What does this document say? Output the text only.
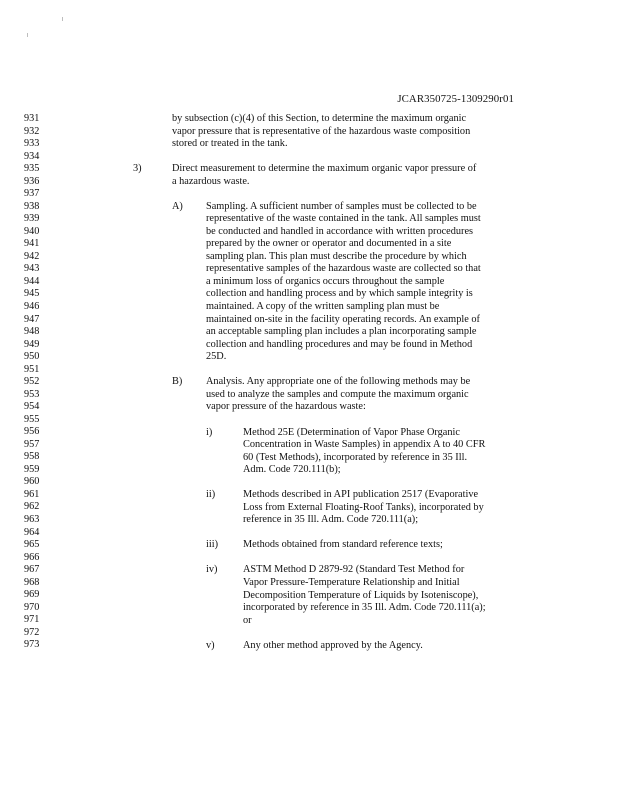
JCAR350725-1309290r01
931
932
933
934
935
936
937
938
939
940
941
942
943
944
945
946
947
948
949
950
951
952
953
954
955
956
957
958
959
960
961
962
963
964
965
966
967
968
969
970
971
972
973
by subsection (c)(4) of this Section, to determine the maximum organic
vapor pressure that is representative of the hazardous waste composition
stored or treated in the tank.
3)	Direct measurement to determine the maximum organic vapor pressure of
a hazardous waste.
A) Sampling. A sufficient number of samples must be collected to be
representative of the waste contained in the tank. All samples must
be conducted and handled in accordance with written procedures
prepared by the owner or operator and documented in a site
sampling plan. This plan must describe the procedure by which
representative samples of the hazardous waste are collected so that
a minimum loss of organics occurs throughout the sample
collection and handling process and by which sample integrity is
maintained. A copy of the written sampling plan must be
maintained on-site in the facility operating records. An example of
an acceptable sampling plan includes a plan incorporating sample
collection and handling procedures and may be found in Method
25D.
B) Analysis. Any appropriate one of the following methods may be
used to analyze the samples and compute the maximum organic
vapor pressure of the hazardous waste:
i)	Method 25E (Determination of Vapor Phase Organic
Concentration in Waste Samples) in appendix A to 40 CFR
60 (Test Methods), incorporated by reference in 35 Ill.
Adm. Code 720.111(b);
ii)	Methods described in API publication 2517 (Evaporative
Loss from External Floating-Roof Tanks), incorporated by
reference in 35 Ill. Adm. Code 720.111(a);
iii) Methods obtained from standard reference texts;
iv) ASTM Method D 2879-92 (Standard Test Method for
Vapor Pressure-Temperature Relationship and Initial
Decomposition Temperature of Liquids by Isoteniscope),
incorporated by reference in 35 Ill. Adm. Code 720.111(a);
or
v)	Any other method approved by the Agency.
